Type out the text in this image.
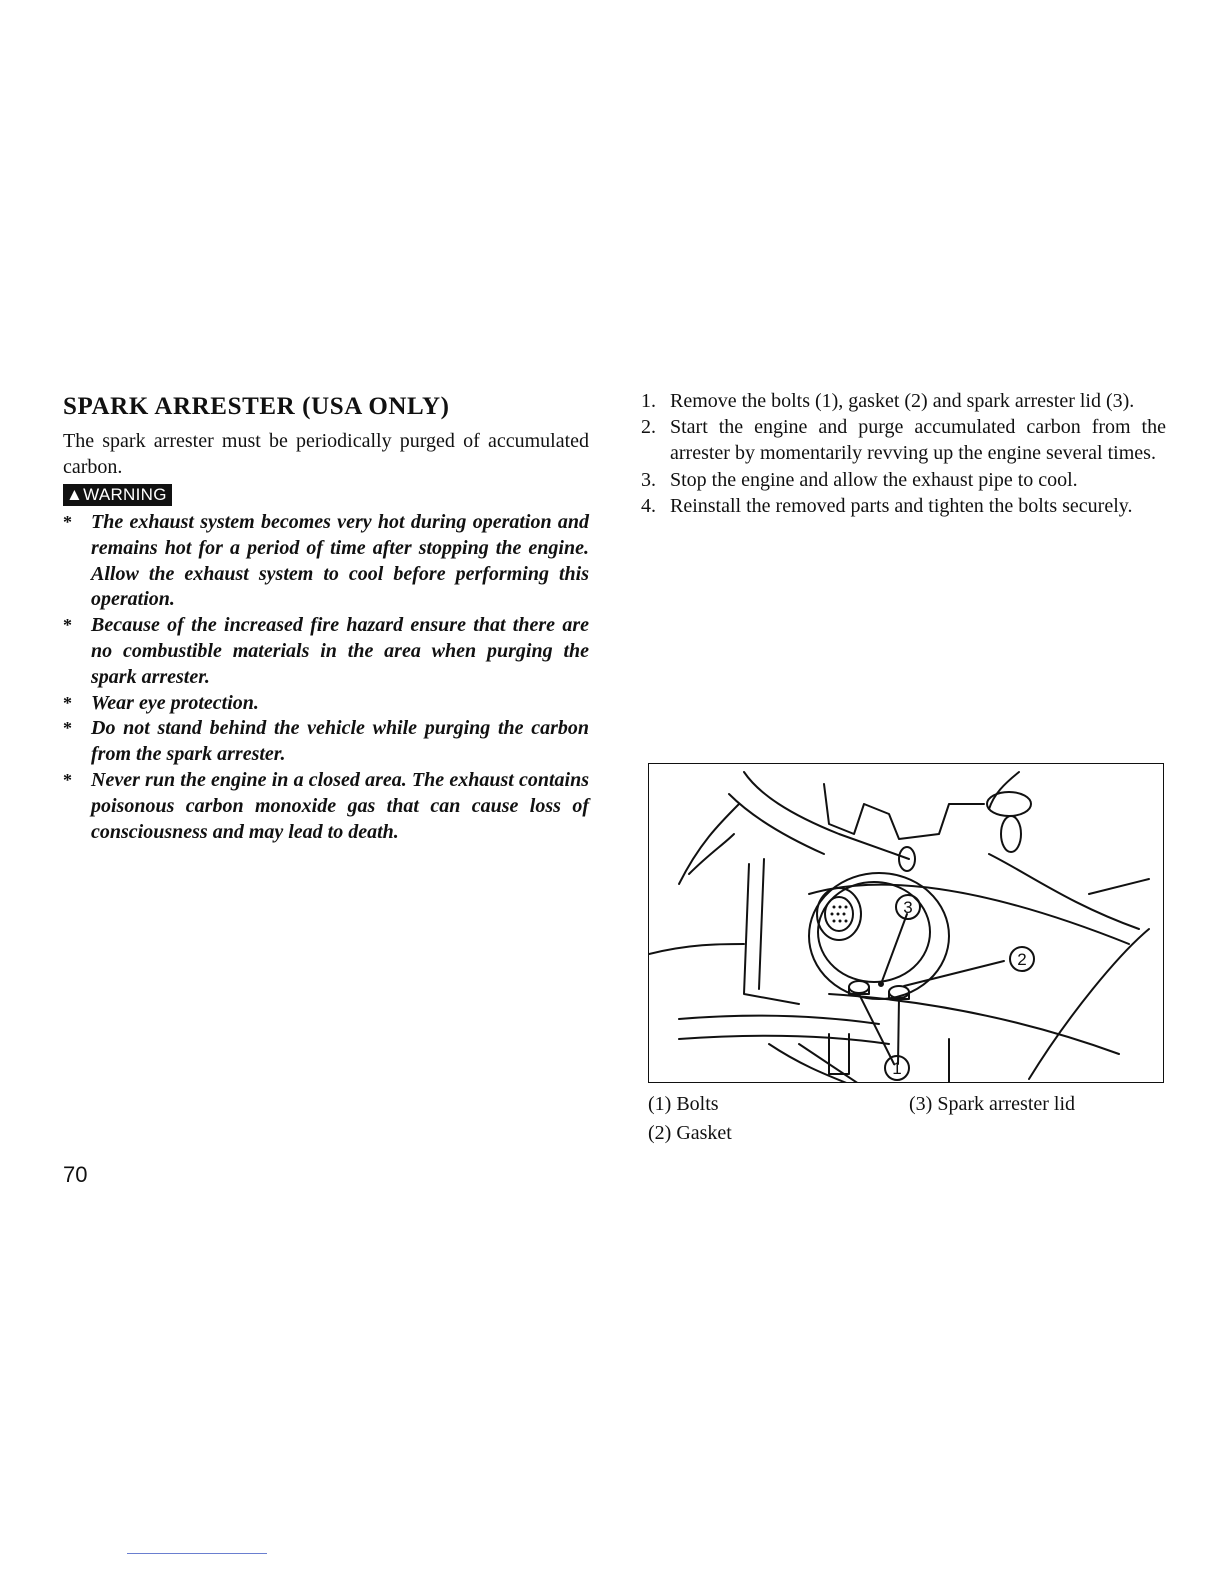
SPARK ARRESTER (USA ONLY)

The spark arrester must be periodically purged of accumulated carbon.

▲WARNING
* The exhaust system becomes very hot during operation and remains hot for a period of time after stopping the engine. Allow the exhaust system to cool before performing this operation.
* Because of the increased fire hazard ensure that there are no combustible materials in the area when purging the spark arrester.
* Wear eye protection.
* Do not stand behind the vehicle while purging the carbon from the spark arrester.
* Never run the engine in a closed area. The exhaust contains poisonous carbon monoxide gas that can cause loss of consciousness and may lead to death.
1. Remove the bolts (1), gasket (2) and spark arrester lid (3).
2. Start the engine and purge accumulated carbon from the arrester by momentarily revving up the engine several times.
3. Stop the engine and allow the exhaust pipe to cool.
4. Reinstall the removed parts and tighten the bolts securely.
3
2
1
(1) Bolts
(2) Gasket
(3) Spark arrester lid
70
